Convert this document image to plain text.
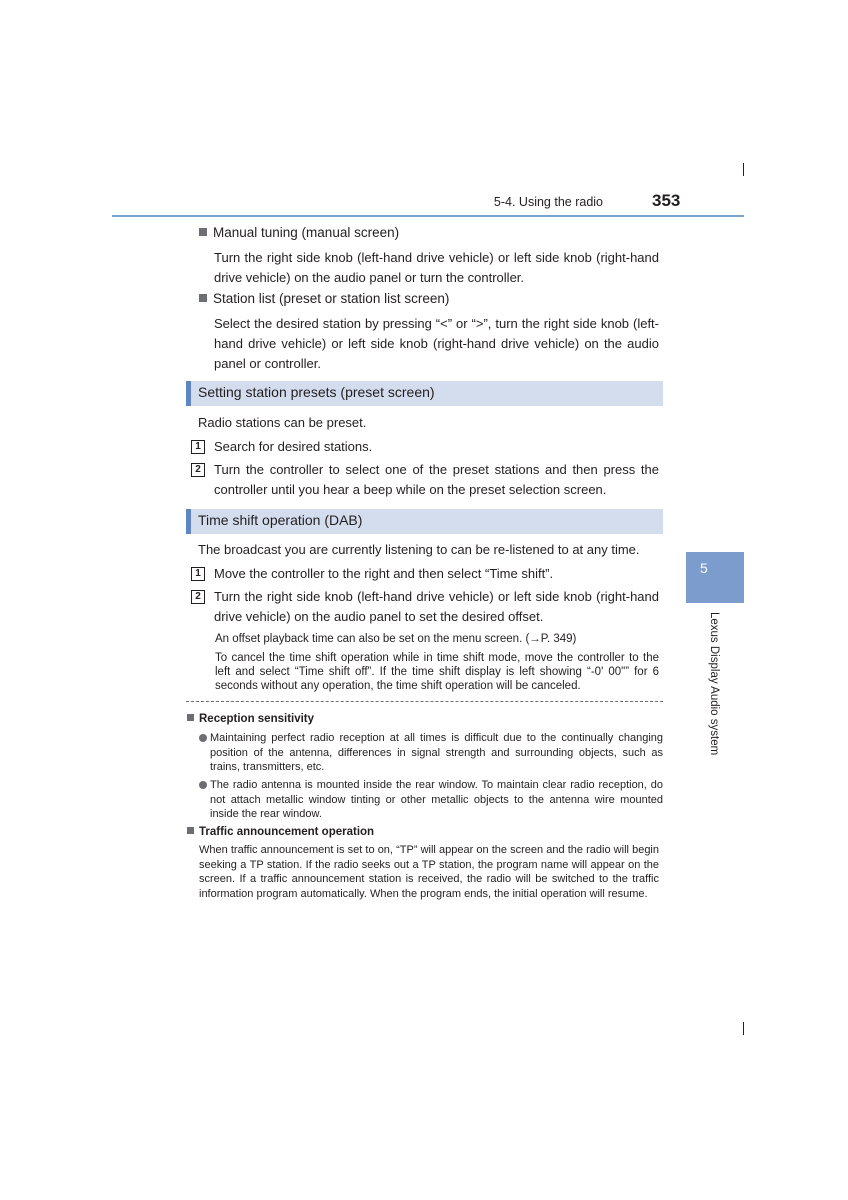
5-4. Using the radio	353
5
Lexus Display Audio system
Manual tuning (manual screen)
Turn the right side knob (left-hand drive vehicle) or left side knob (right-hand drive vehicle) on the audio panel or turn the controller.
Station list (preset or station list screen)
Select the desired station by pressing “<” or “>”, turn the right side knob (left-hand drive vehicle) or left side knob (right-hand drive vehicle) on the audio panel or controller.
Setting station presets (preset screen)
Radio stations can be preset.
1	Search for desired stations.
2	Turn the controller to select one of the preset stations and then press the controller until you hear a beep while on the preset selection screen.
Time shift operation (DAB)
The broadcast you are currently listening to can be re-listened to at any time.
1	Move the controller to the right and then select “Time shift”.
2	Turn the right side knob (left-hand drive vehicle) or left side knob (right-hand drive vehicle) on the audio panel to set the desired offset.
An offset playback time can also be set on the menu screen. (→P. 349)
To cancel the time shift operation while in time shift mode, move the controller to the left and select “Time shift off”. If the time shift display is left showing “-0' 00"” for 6 seconds without any operation, the time shift operation will be canceled.
Reception sensitivity
Maintaining perfect radio reception at all times is difficult due to the continually changing position of the antenna, differences in signal strength and surrounding objects, such as trains, transmitters, etc.
The radio antenna is mounted inside the rear window. To maintain clear radio reception, do not attach metallic window tinting or other metallic objects to the antenna wire mounted inside the rear window.
Traffic announcement operation
When traffic announcement is set to on, “TP” will appear on the screen and the radio will begin seeking a TP station. If the radio seeks out a TP station, the program name will appear on the screen. If a traffic announcement station is received, the radio will be switched to the traffic information program automatically. When the program ends, the initial operation will resume.
